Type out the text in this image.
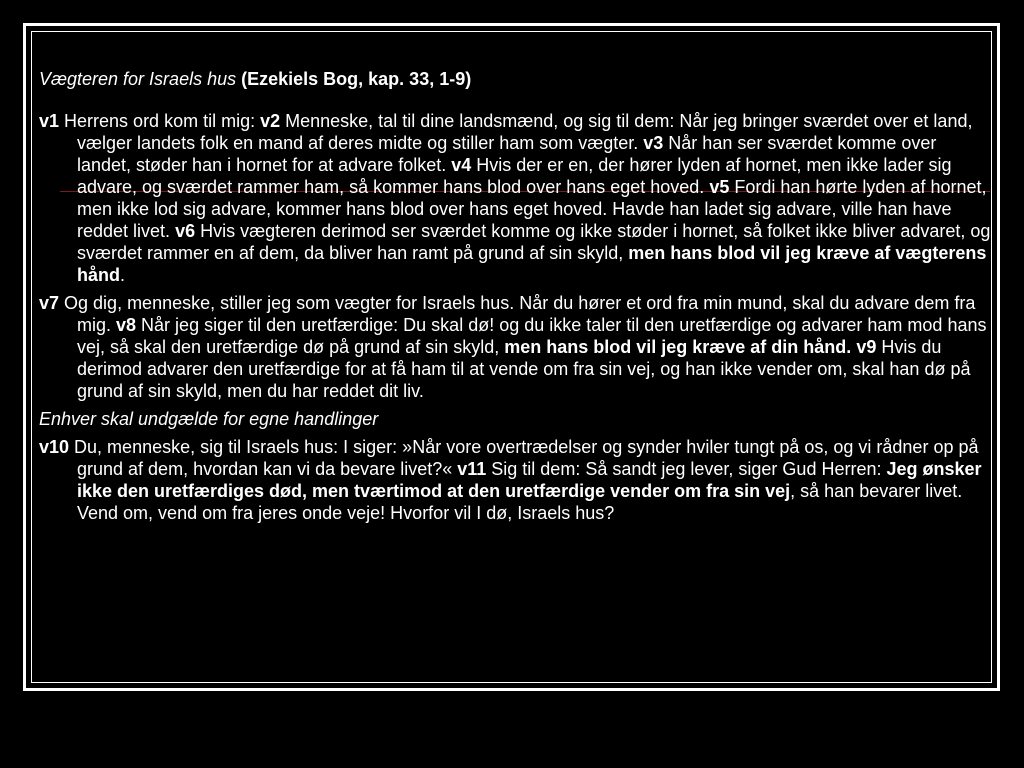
Vægteren for Israels hus (Ezekiels Bog, kap. 33, 1-9)

v1 Herrens ord kom til mig: v2 Menneske, tal til dine landsmænd, og sig til dem: Når jeg bringer sværdet over et land, vælger landets folk en mand af deres midte og stiller ham som vægter. v3 Når han ser sværdet komme over landet, støder han i hornet for at advare folket. v4 Hvis der er en, der hører lyden af hornet, men ikke lader sig advare, og sværdet rammer ham, så kommer hans blod over hans eget hoved. v5 Fordi han hørte lyden af hornet, men ikke lod sig advare, kommer hans blod over hans eget hoved. Havde han ladet sig advare, ville han have reddet livet. v6 Hvis vægteren derimod ser sværdet komme og ikke støder i hornet, så folket ikke bliver advaret, og sværdet rammer en af dem, da bliver han ramt på grund af sin skyld, men hans blod vil jeg kræve af vægterens hånd.

v7 Og dig, menneske, stiller jeg som vægter for Israels hus. Når du hører et ord fra min mund, skal du advare dem fra mig. v8 Når jeg siger til den uretfærdige: Du skal dø! og du ikke taler til den uretfærdige og advarer ham mod hans vej, så skal den uretfærdige dø på grund af sin skyld, men hans blod vil jeg kræve af din hånd. v9 Hvis du derimod advarer den uretfærdige for at få ham til at vende om fra sin vej, og han ikke vender om, skal han dø på grund af sin skyld, men du har reddet dit liv.

Enhver skal undgælde for egne handlinger

v10 Du, menneske, sig til Israels hus: I siger: »Når vore overtrædelser og synder hviler tungt på os, og vi rådner op på grund af dem, hvordan kan vi da bevare livet?« v11 Sig til dem: Så sandt jeg lever, siger Gud Herren: Jeg ønsker ikke den uretfærdiges død, men tværtimod at den uretfærdige vender om fra sin vej, så han bevarer livet. Vend om, vend om fra jeres onde veje! Hvorfor vil I dø, Israels hus?
